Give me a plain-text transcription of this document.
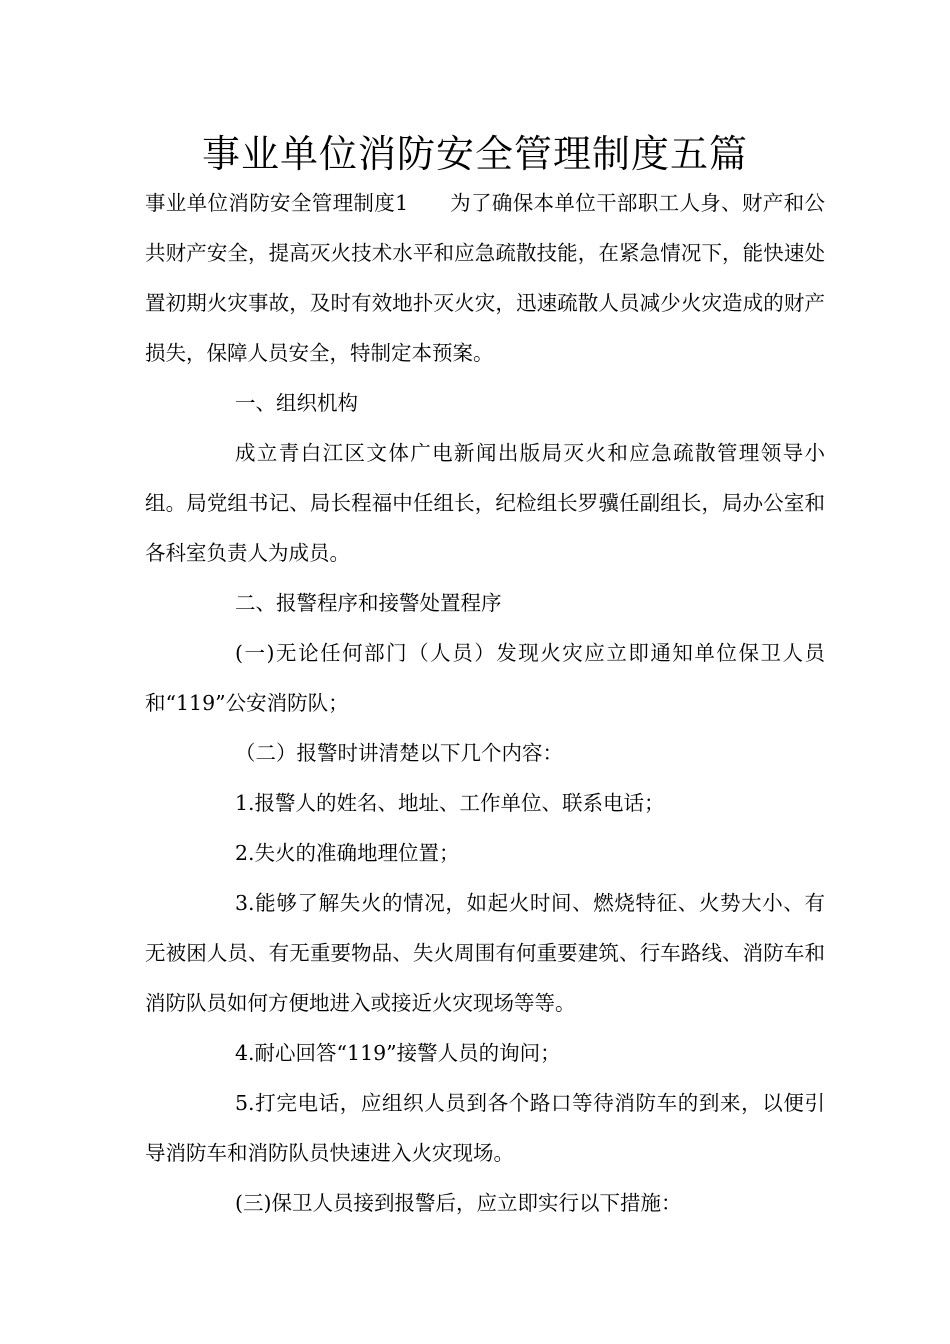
事业单位消防安全管理制度五篇

事业单位消防安全管理制度1　　为了确保本单位干部职工人身、财产和公共财产安全，提高灭火技术水平和应急疏散技能，在紧急情况下，能快速处置初期火灾事故，及时有效地扑灭火灾，迅速疏散人员减少火灾造成的财产损失，保障人员安全，特制定本预案。

一、组织机构

成立青白江区文体广电新闻出版局灭火和应急疏散管理领导小组。局党组书记、局长程福中任组长，纪检组长罗骥任副组长，局办公室和各科室负责人为成员。

二、报警程序和接警处置程序

(一)无论任何部门（人员）发现火灾应立即通知单位保卫人员和“119”公安消防队；

（二）报警时讲清楚以下几个内容：

1.报警人的姓名、地址、工作单位、联系电话；

2.失火的准确地理位置；

3.能够了解失火的情况，如起火时间、燃烧特征、火势大小、有无被困人员、有无重要物品、失火周围有何重要建筑、行车路线、消防车和消防队员如何方便地进入或接近火灾现场等等。

4.耐心回答“119”接警人员的询问；

5.打完电话，应组织人员到各个路口等待消防车的到来，以便引导消防车和消防队员快速进入火灾现场。

(三)保卫人员接到报警后，应立即实行以下措施：
